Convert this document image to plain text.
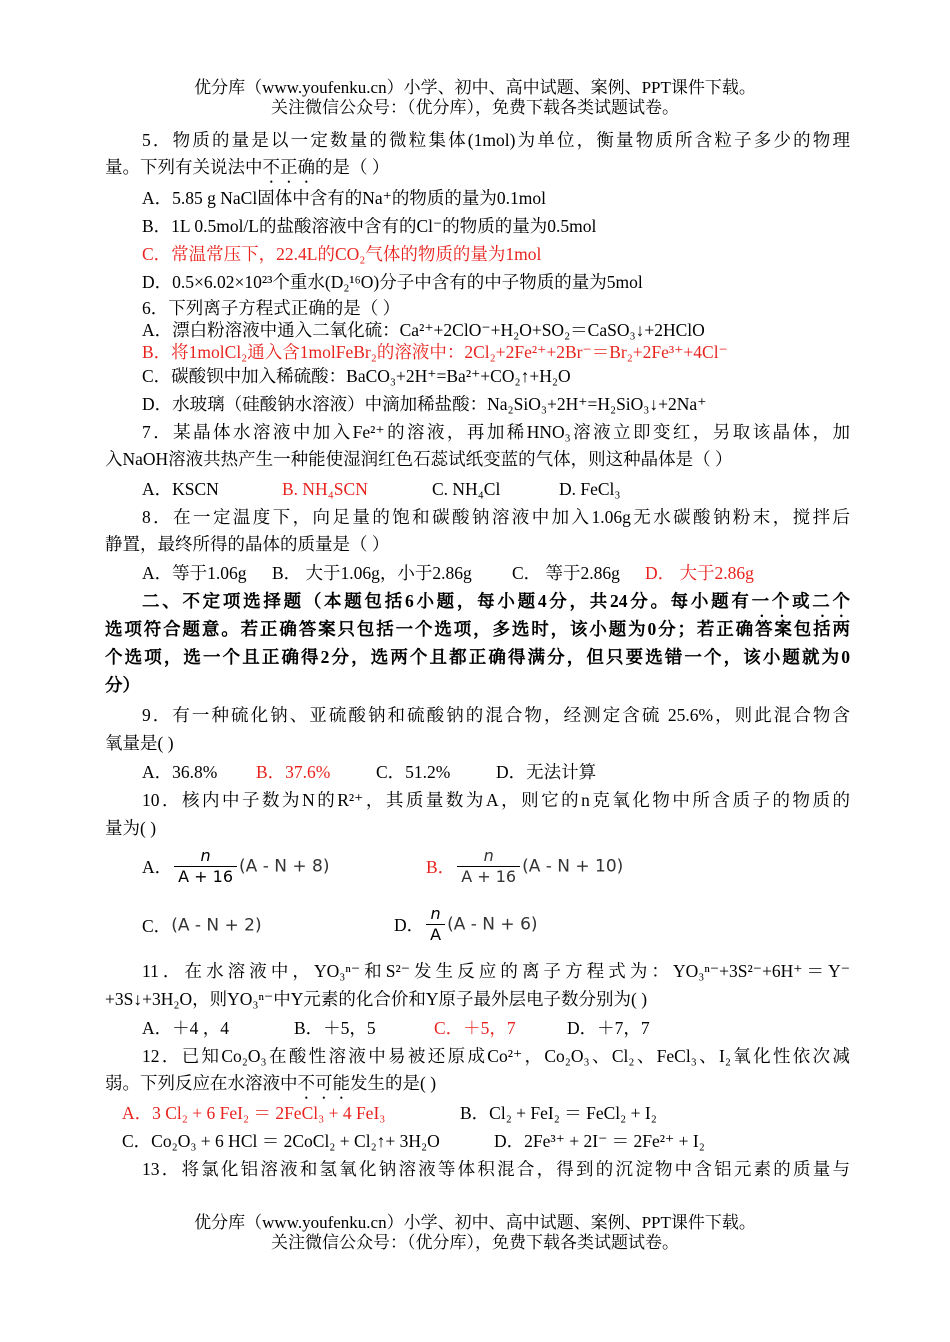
优分库（www.youfenku.cn）小学、初中、高中试题、案例、PPT课件下载。
关注微信公众号：（优分库），免费下载各类试题试卷。
5．物质的量是以一定数量的微粒集体(1mol)为单位，衡量物质所含粒子多少的物理
量。下列有关说法中不正确的是（ ）
A．5.85 g NaCl固体中含有的Na⁺的物质的量为0.1mol
B．1L 0.5mol/L的盐酸溶液中含有的Cl⁻的物质的量为0.5mol
C．常温常压下，22.4L的CO₂气体的物质的量为1mol
D．0.5×6.02×10²³个重水(D₂¹⁶O)分子中含有的中子物质的量为5mol
6．下列离子方程式正确的是（ ）
A．漂白粉溶液中通入二氧化硫：Ca²⁺+2ClO⁻+H₂O+SO₂＝CaSO₃↓+2HClO
B．将1molCl₂通入含1molFeBr₂的溶液中：2Cl₂+2Fe²⁺+2Br⁻＝Br₂+2Fe³⁺+4Cl⁻
C．碳酸钡中加入稀硫酸：BaCO₃+2H⁺=Ba²⁺+CO₂↑+H₂O
D．水玻璃（硅酸钠水溶液）中滴加稀盐酸：Na₂SiO₃+2H⁺=H₂SiO₃↓+2Na⁺
7．某晶体水溶液中加入Fe²⁺的溶液，再加稀HNO₃溶液立即变红，另取该晶体，加
入NaOH溶液共热产生一种能使湿润红色石蕊试纸变蓝的气体，则这种晶体是（ ）
A．KSCN	B. NH₄SCN	C. NH₄Cl	D. FeCl₃
8．在一定温度下，向足量的饱和碳酸钠溶液中加入1.06g无水碳酸钠粉末，搅拌后
静置，最终所得的晶体的质量是（ ）
A．等于1.06g B． 大于1.06g，小于2.86g C． 等于2.86g D． 大于2.86g
二、不定项选择题（本题包括6小题，每小题4分，共24分。每小题有一个或二个
选项符合题意。若正确答案只包括一个选项，多选时，该小题为0分；若正确答案包括两
个选项，选一个且正确得2分，选两个且都正确得满分，但只要选错一个，该小题就为0
分）
9．有一种硫化钠、亚硫酸钠和硫酸钠的混合物，经测定含硫 25.6%，则此混合物含
氧量是( )
A．36.8% B．37.6%	C．51.2%	D．无法计算
10．核内中子数为N的R²⁺，其质量数为A，则它的n克氧化物中所含质子的物质的
量为( )
A． $\frac{n}{A + 16} (A - N + 8)$	B． $\frac{n}{A + 16} (A - N + 10)$
C．(A - N + 2)	D． $\frac{n}{A} (A - N + 6)$
11．在水溶液中，YO₃ⁿ⁻和S²⁻发生反应的离子方程式为：YO₃ⁿ⁻+3S²⁻+6H⁺＝Y⁻
+3S↓+3H₂O，则YO₃ⁿ⁻中Y元素的化合价和Y原子最外层电子数分别为( )
A．＋4 ，4	B．＋5，5	C．＋5，7	D．＋7，7
12．已知Co₂O₃在酸性溶液中易被还原成Co²⁺，Co₂O₃、Cl₂、FeCl₃、I₂氧化性依次减
弱。下列反应在水溶液中不可能发生的是( )
A．3 Cl₂ + 6 FeI₂ ＝ 2FeCl₃ + 4 FeI₃	B．Cl₂ + FeI₂ ＝ FeCl₂ + I₂
C．Co₂O₃ + 6 HCl ＝ 2CoCl₂ + Cl₂↑+ 3H₂O	D．2Fe³⁺ + 2I⁻ ＝ 2Fe²⁺ + I₂
13．将氯化铝溶液和氢氧化钠溶液等体积混合，得到的沉淀物中含铝元素的质量与
优分库（www.youfenku.cn）小学、初中、高中试题、案例、PPT课件下载。
关注微信公众号：（优分库），免费下载各类试题试卷。
